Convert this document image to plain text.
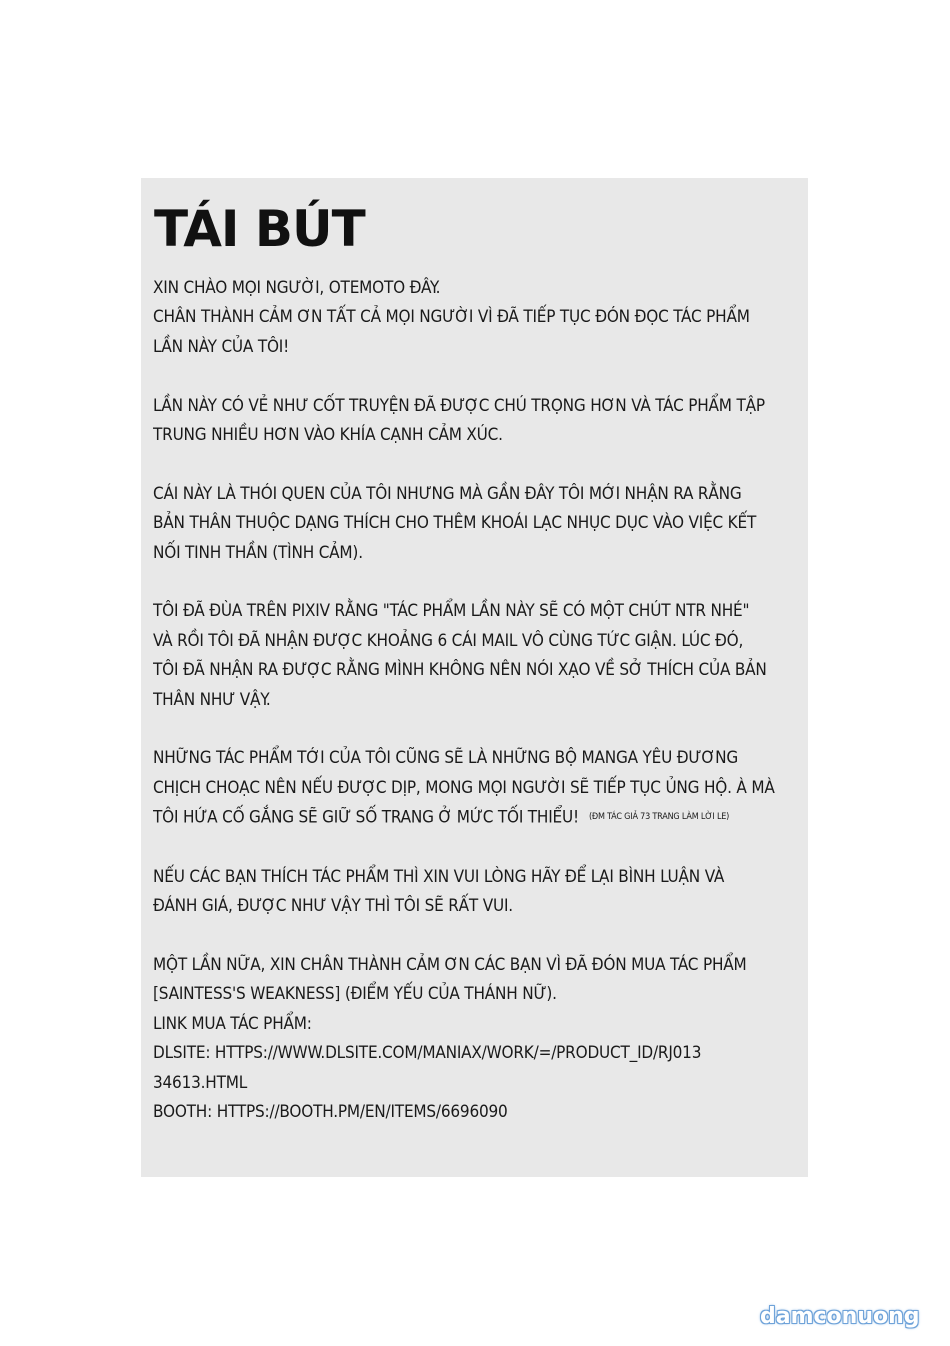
TÁI BÚT

XIN CHÀO MỌI NGƯỜI, OTEMOTO ĐÂY.
CHÂN THÀNH CẢM ƠN TẤT CẢ MỌI NGƯỜI VÌ ĐÃ TIẾP TỤC ĐÓN ĐỌC TÁC PHẨM
LẦN NÀY CỦA TÔI!

LẦN NÀY CÓ VẺ NHƯ CỐT TRUYỆN ĐÃ ĐƯỢC CHÚ TRỌNG HƠN VÀ TÁC PHẨM TẬP
TRUNG NHIỀU HƠN VÀO KHÍA CẠNH CẢM XÚC.

CÁI NÀY LÀ THÓI QUEN CỦA TÔI NHƯNG MÀ GẦN ĐÂY TÔI MỚI NHẬN RA RẰNG
BẢN THÂN THUỘC DẠNG THÍCH CHO THÊM KHOÁI LẠC NHỤC DỤC VÀO VIỆC KẾT
NỐI TINH THẦN (TÌNH CẢM).

TÔI ĐÃ ĐÙA TRÊN PIXIV RẰNG "TÁC PHẨM LẦN NÀY SẼ CÓ MỘT CHÚT NTR NHÉ"
VÀ RỒI TÔI ĐÃ NHẬN ĐƯỢC KHOẢNG 6 CÁI MAIL VÔ CÙNG TỨC GIẬN. LÚC ĐÓ,
TÔI ĐÃ NHẬN RA ĐƯỢC RẰNG MÌNH KHÔNG NÊN NÓI XẠO VỀ SỞ THÍCH CỦA BẢN
THÂN NHƯ VẬY.

NHỮNG TÁC PHẨM TỚI CỦA TÔI CŨNG SẼ LÀ NHỮNG BỘ MANGA YÊU ĐƯƠNG
CHỊCH CHOẠC NÊN NẾU ĐƯỢC DỊP, MONG MỌI NGƯỜI SẼ TIẾP TỤC ỦNG HỘ. À MÀ
TÔI HỨA CỐ GẮNG SẼ GIỮ SỐ TRANG Ở MỨC TỐI THIỂU! (ĐM TÁC GIẢ 73 TRANG LÀM LỜI LE)

NẾU CÁC BẠN THÍCH TÁC PHẨM THÌ XIN VUI LÒNG HÃY ĐỂ LẠI BÌNH LUẬN VÀ
ĐÁNH GIÁ, ĐƯỢC NHƯ VẬY THÌ TÔI SẼ RẤT VUI.

MỘT LẦN NỮA, XIN CHÂN THÀNH CẢM ƠN CÁC BẠN VÌ ĐÃ ĐÓN MUA TÁC PHẨM
[SAINTESS'S WEAKNESS] (ĐIỂM YẾU CỦA THÁNH NỮ).
LINK MUA TÁC PHẨM:
DLSITE: HTTPS://WWW.DLSITE.COM/MANIAX/WORK/=/PRODUCT_ID/RJ013
34613.HTML
BOOTH: HTTPS://BOOTH.PM/EN/ITEMS/6696090

damconuong
